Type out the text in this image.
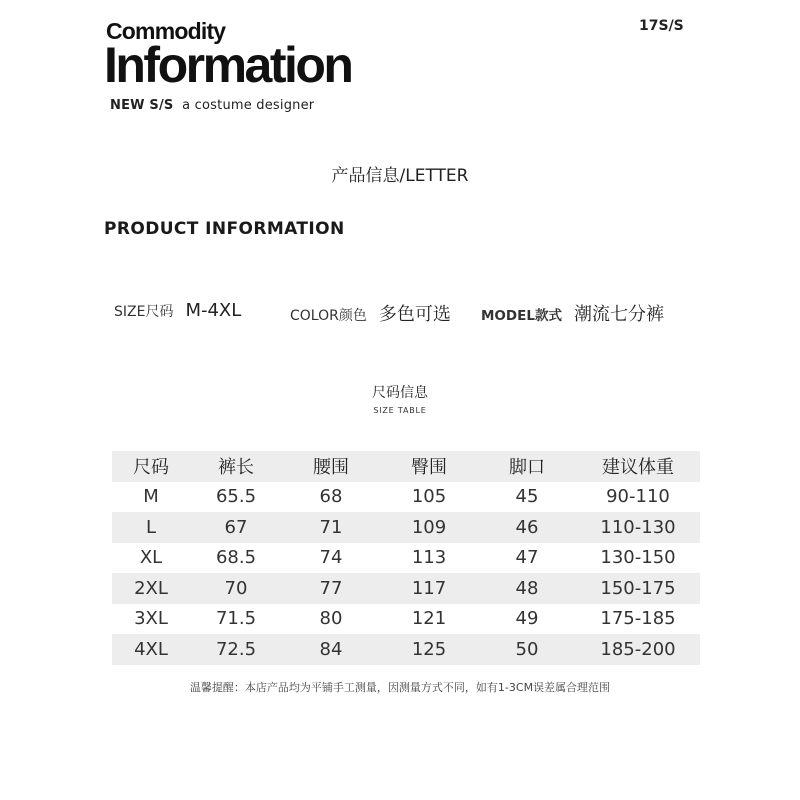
Commodity
Information
17S/S
NEW S/S a costume designer
产品信息/LETTER
PRODUCT INFORMATION
SIZE尺码 M-4XL	COLOR颜色 多色可选 MODEL款式 潮流七分裤
尺码信息
SIZE TABLE
尺码	裤长	腰围	臀围	脚口	建议体重
M	65.5	68	105	45	90-110
L	67	71	109	46	110-130
XL	68.5	74	113	47	130-150
2XL	70	77	117	48	150-175
3XL	71.5	80	121	49	175-185
4XL	72.5	84	125	50	185-200
温馨提醒：本店产品均为平铺手工测量，因测量方式不同，如有1-3CM误差属合理范围
